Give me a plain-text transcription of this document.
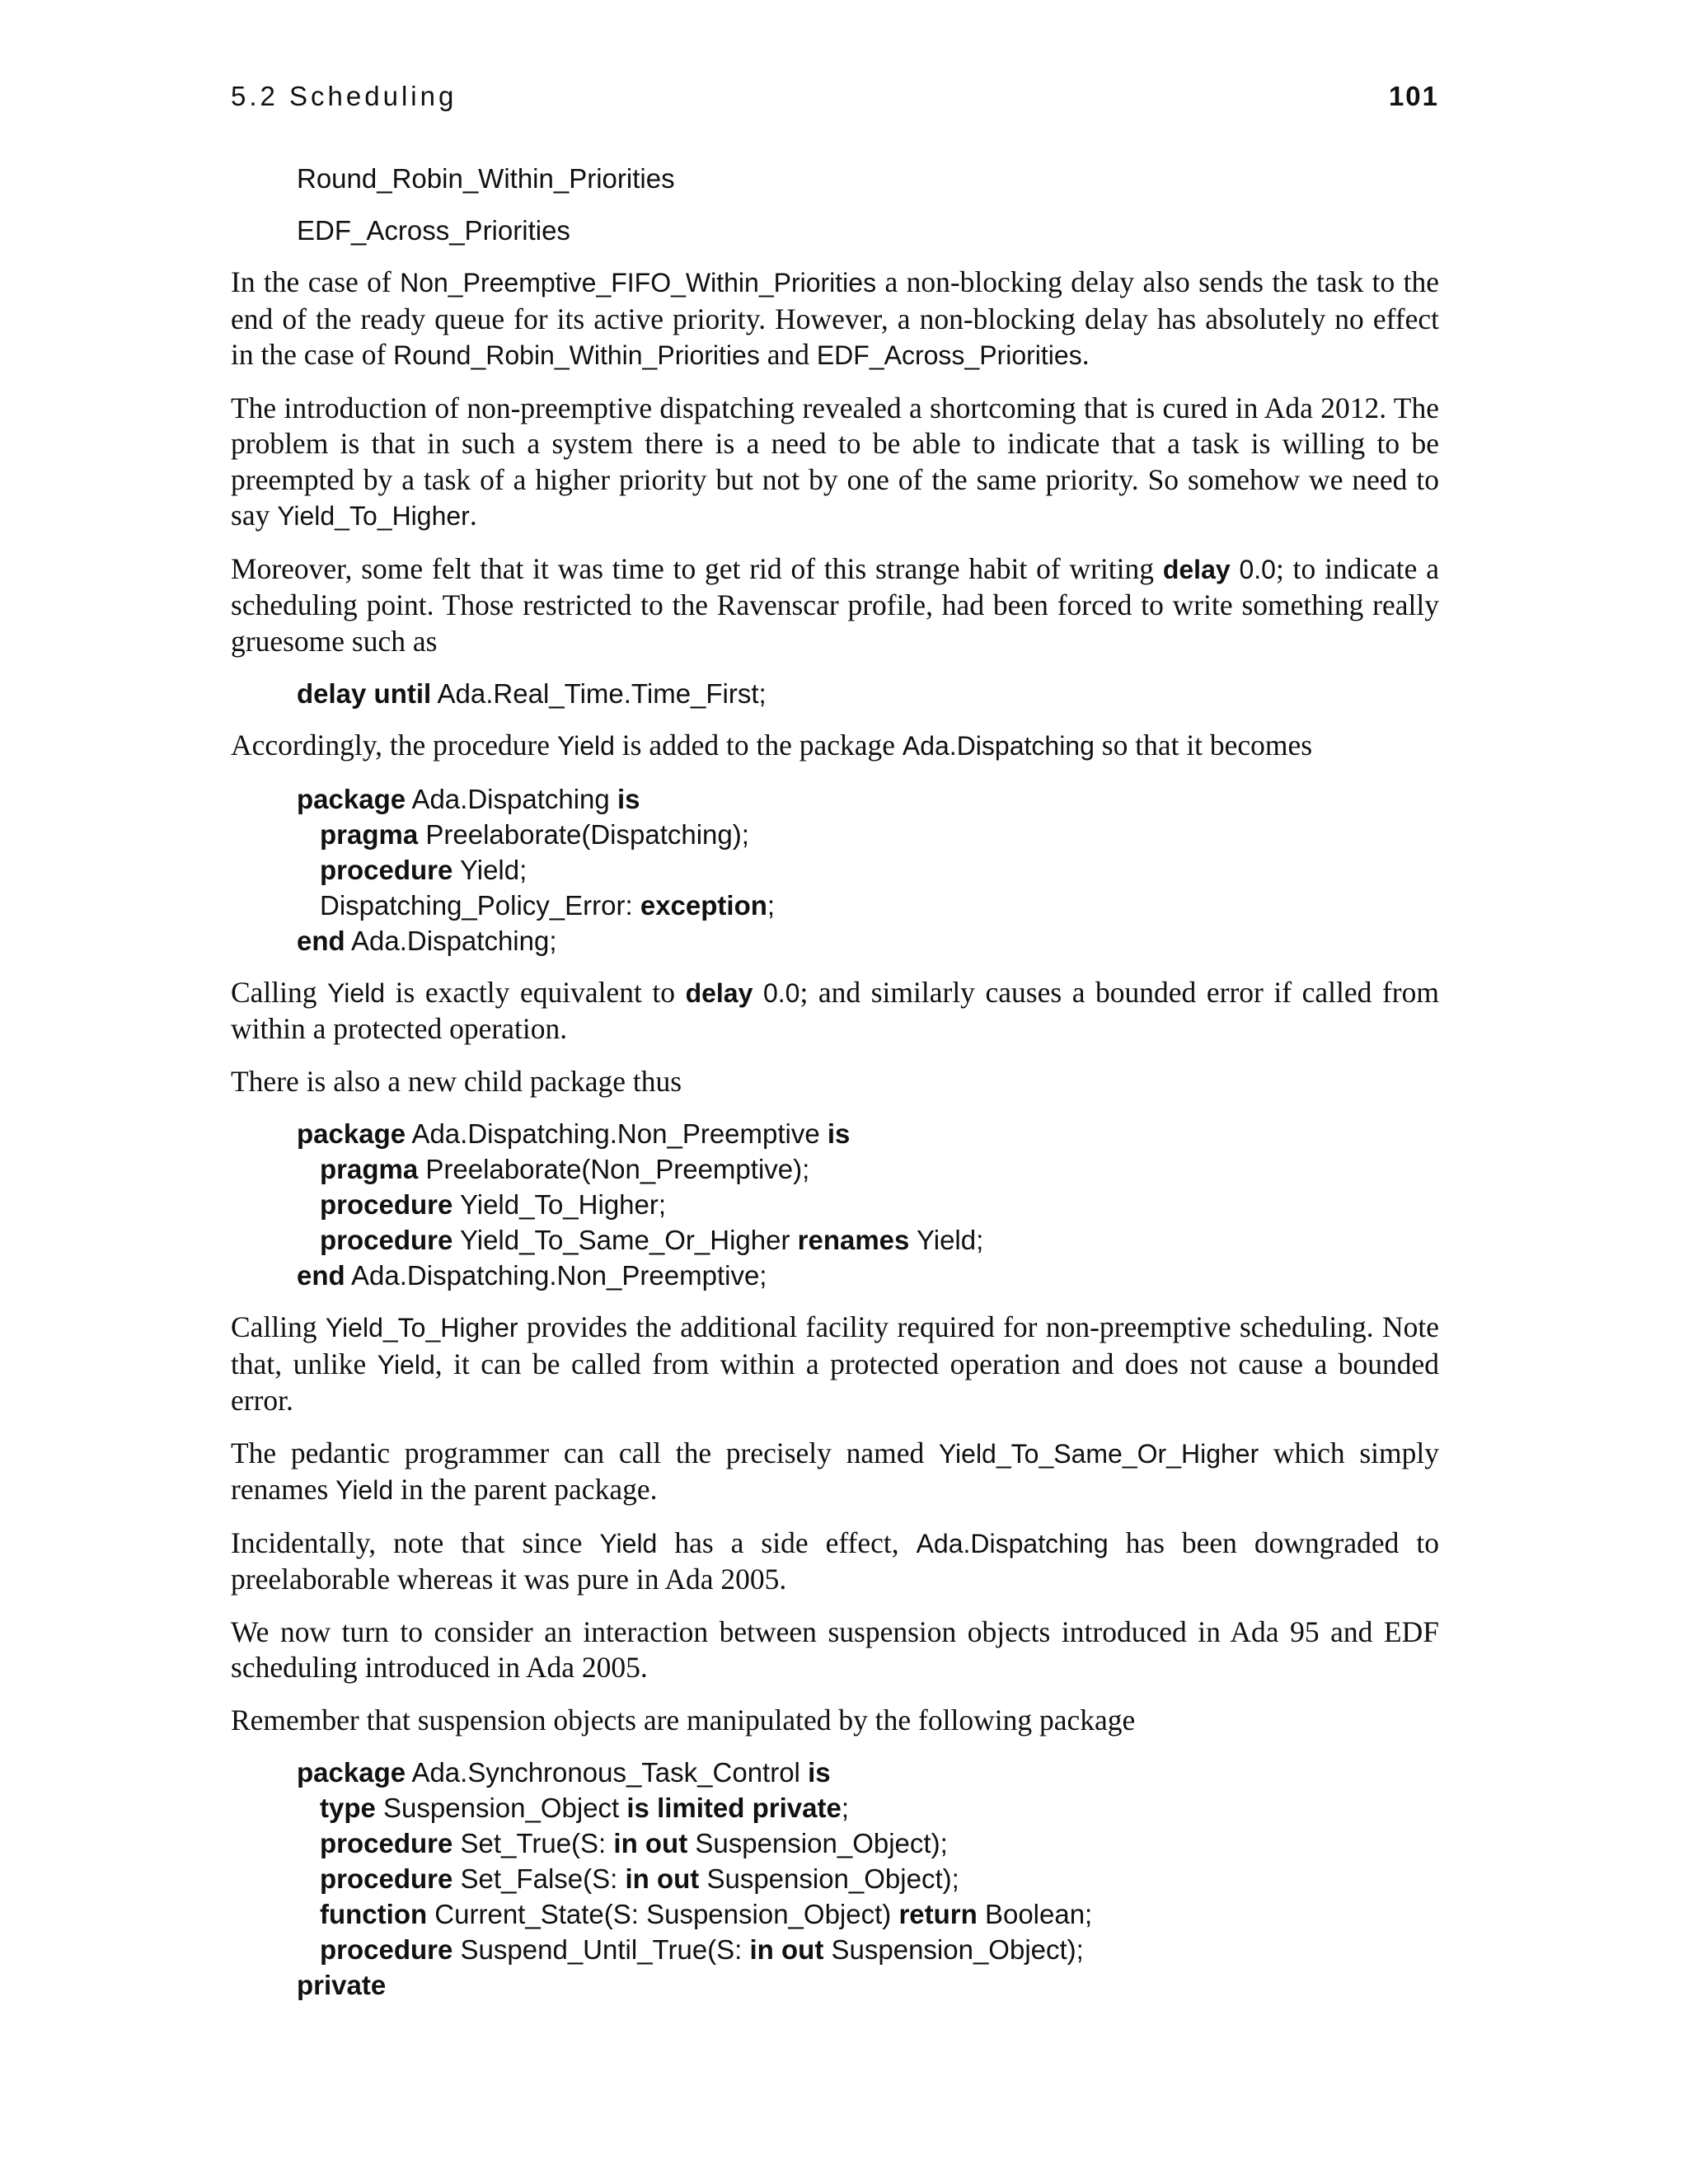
5.2 Scheduling	101
Round_Robin_Within_Priorities
EDF_Across_Priorities

In the case of Non_Preemptive_FIFO_Within_Priorities a non-blocking delay also sends the task to the end of the ready queue for its active priority. However, a non-blocking delay has absolutely no effect in the case of Round_Robin_Within_Priorities and EDF_Across_Priorities.

The introduction of non-preemptive dispatching revealed a shortcoming that is cured in Ada 2012. The problem is that in such a system there is a need to be able to indicate that a task is willing to be preempted by a task of a higher priority but not by one of the same priority. So somehow we need to say Yield_To_Higher.

Moreover, some felt that it was time to get rid of this strange habit of writing delay 0.0; to indicate a scheduling point. Those restricted to the Ravenscar profile, had been forced to write something really gruesome such as

delay until Ada.Real_Time.Time_First;

Accordingly, the procedure Yield is added to the package Ada.Dispatching so that it becomes

package Ada.Dispatching is
pragma Preelaborate(Dispatching);
procedure Yield;
Dispatching_Policy_Error: exception;
end Ada.Dispatching;

Calling Yield is exactly equivalent to delay 0.0; and similarly causes a bounded error if called from within a protected operation.

There is also a new child package thus

package Ada.Dispatching.Non_Preemptive is
pragma Preelaborate(Non_Preemptive);
procedure Yield_To_Higher;
procedure Yield_To_Same_Or_Higher renames Yield;
end Ada.Dispatching.Non_Preemptive;

Calling Yield_To_Higher provides the additional facility required for non-preemptive scheduling. Note that, unlike Yield, it can be called from within a protected operation and does not cause a bounded error.

The pedantic programmer can call the precisely named Yield_To_Same_Or_Higher which simply renames Yield in the parent package.

Incidentally, note that since Yield has a side effect, Ada.Dispatching has been downgraded to preelaborable whereas it was pure in Ada 2005.

We now turn to consider an interaction between suspension objects introduced in Ada 95 and EDF scheduling introduced in Ada 2005.

Remember that suspension objects are manipulated by the following package

package Ada.Synchronous_Task_Control is
type Suspension_Object is limited private;
procedure Set_True(S: in out Suspension_Object);
procedure Set_False(S: in out Suspension_Object);
function Current_State(S: Suspension_Object) return Boolean;
procedure Suspend_Until_True(S: in out Suspension_Object);
private
